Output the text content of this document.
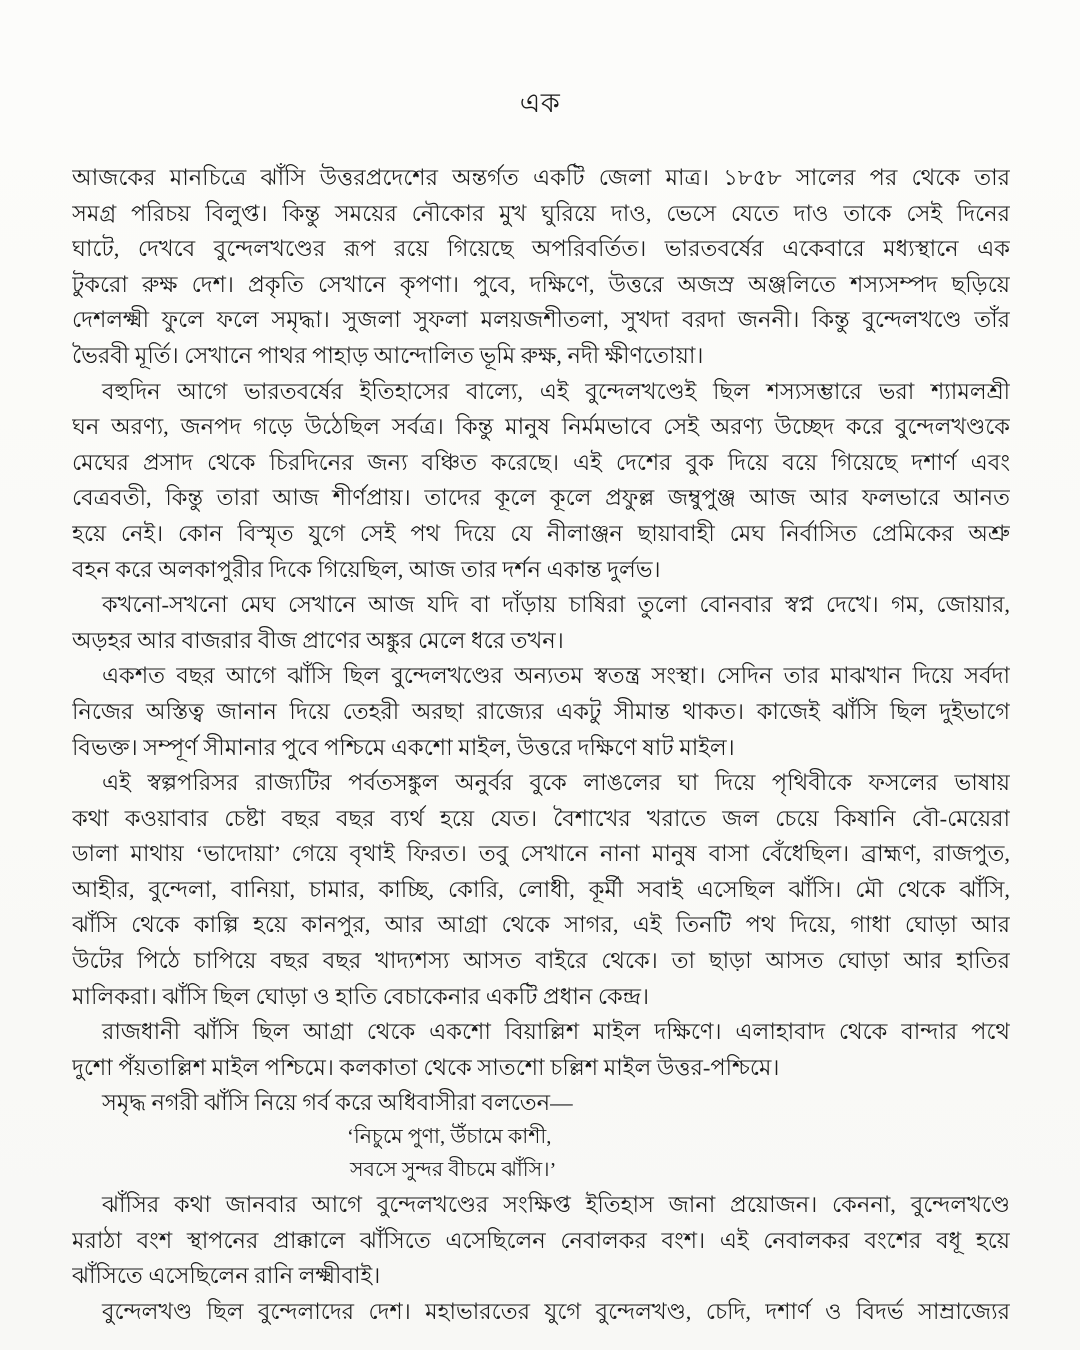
এক
আজকের মানচিত্রে ঝাঁসি উত্তরপ্রদেশের অন্তর্গত একটি জেলা মাত্র। ১৮৫৮ সালের পর থেকে তার
সমগ্র পরিচয় বিলুপ্ত। কিন্তু সময়ের নৌকোর মুখ ঘুরিয়ে দাও, ভেসে যেতে দাও তাকে সেই দিনের
ঘাটে, দেখবে বুন্দেলখণ্ডের রূপ রয়ে গিয়েছে অপরিবর্তিত। ভারতবর্ষের একেবারে মধ্যস্থানে এক
টুকরো রুক্ষ দেশ। প্রকৃতি সেখানে কৃপণা। পুবে, দক্ষিণে, উত্তরে অজস্র অঞ্জলিতে শস্যসম্পদ ছড়িয়ে
দেশলক্ষ্মী ফুলে ফলে সমৃদ্ধা। সুজলা সুফলা মলয়জশীতলা, সুখদা বরদা জননী। কিন্তু বুন্দেলখণ্ডে তাঁর
ভৈরবী মূর্তি। সেখানে পাথর পাহাড় আন্দোলিত ভূমি রুক্ষ, নদী ক্ষীণতোয়া।
বহুদিন আগে ভারতবর্ষের ইতিহাসের বাল্যে, এই বুন্দেলখণ্ডেই ছিল শস্যসম্ভারে ভরা শ্যামলশ্রী
ঘন অরণ্য, জনপদ গড়ে উঠেছিল সর্বত্র। কিন্তু মানুষ নির্মমভাবে সেই অরণ্য উচ্ছেদ করে বুন্দেলখণ্ডকে
মেঘের প্রসাদ থেকে চিরদিনের জন্য বঞ্চিত করেছে। এই দেশের বুক দিয়ে বয়ে গিয়েছে দশার্ণ এবং
বেত্রবতী, কিন্তু তারা আজ শীর্ণপ্রায়। তাদের কূলে কূলে প্রফুল্ল জম্বুপুঞ্জ আজ আর ফলভারে আনত
হয়ে নেই। কোন বিস্মৃত যুগে সেই পথ দিয়ে যে নীলাঞ্জন ছায়াবাহী মেঘ নির্বাসিত প্রেমিকের অশ্রু
বহন করে অলকাপুরীর দিকে গিয়েছিল, আজ তার দর্শন একান্ত দুর্লভ।
কখনো-সখনো মেঘ সেখানে আজ যদি বা দাঁড়ায় চাষিরা তুলো বোনবার স্বপ্ন দেখে। গম, জোয়ার,
অড়হর আর বাজরার বীজ প্রাণের অঙ্কুর মেলে ধরে তখন।
একশত বছর আগে ঝাঁসি ছিল বুন্দেলখণ্ডের অন্যতম স্বতন্ত্র সংস্থা। সেদিন তার মাঝখান দিয়ে সর্বদা
নিজের অস্তিত্ব জানান দিয়ে তেহরী অরছা রাজ্যের একটু সীমান্ত থাকত। কাজেই ঝাঁসি ছিল দুইভাগে
বিভক্ত। সম্পূর্ণ সীমানার পুবে পশ্চিমে একশো মাইল, উত্তরে দক্ষিণে ষাট মাইল।
এই স্বল্পপরিসর রাজ্যটির পর্বতসঙ্কুল অনুর্বর বুকে লাঙলের ঘা দিয়ে পৃথিবীকে ফসলের ভাষায়
কথা কওয়াবার চেষ্টা বছর বছর ব্যর্থ হয়ে যেত। বৈশাখের খরাতে জল চেয়ে কিষানি বৌ-মেয়েরা
ডালা মাথায় ‘ভাদোয়া’ গেয়ে বৃথাই ফিরত। তবু সেখানে নানা মানুষ বাসা বেঁধেছিল। ব্রাহ্মণ, রাজপুত,
আহীর, বুন্দেলা, বানিয়া, চামার, কাচ্ছি, কোরি, লোধী, কূর্মী সবাই এসেছিল ঝাঁসি। মৌ থেকে ঝাঁসি,
ঝাঁসি থেকে কাল্পি হয়ে কানপুর, আর আগ্রা থেকে সাগর, এই তিনটি পথ দিয়ে, গাধা ঘোড়া আর
উটের পিঠে চাপিয়ে বছর বছর খাদ্যশস্য আসত বাইরে থেকে। তা ছাড়া আসত ঘোড়া আর হাতির
মালিকরা। ঝাঁসি ছিল ঘোড়া ও হাতি বেচাকেনার একটি প্রধান কেন্দ্র।
রাজধানী ঝাঁসি ছিল আগ্রা থেকে একশো বিয়াল্লিশ মাইল দক্ষিণে। এলাহাবাদ থেকে বান্দার পথে
দুশো পঁয়তাল্লিশ মাইল পশ্চিমে। কলকাতা থেকে সাতশো চল্লিশ মাইল উত্তর-পশ্চিমে।
সমৃদ্ধ নগরী ঝাঁসি নিয়ে গর্ব করে অধিবাসীরা বলতেন—
‘নিচুমে পুণা, উঁচামে কাশী,
সবসে সুন্দর বীচমে ঝাঁসি।’
ঝাঁসির কথা জানবার আগে বুন্দেলখণ্ডের সংক্ষিপ্ত ইতিহাস জানা প্রয়োজন। কেননা, বুন্দেলখণ্ডে
মরাঠা বংশ স্থাপনের প্রাক্কালে ঝাঁসিতে এসেছিলেন নেবালকর বংশ। এই নেবালকর বংশের বধূ হয়ে
ঝাঁসিতে এসেছিলেন রানি লক্ষ্মীবাই।
বুন্দেলখণ্ড ছিল বুন্দেলাদের দেশ। মহাভারতের যুগে বুন্দেলখণ্ড, চেদি, দশার্ণ ও বিদর্ভ সাম্রাজ্যের
